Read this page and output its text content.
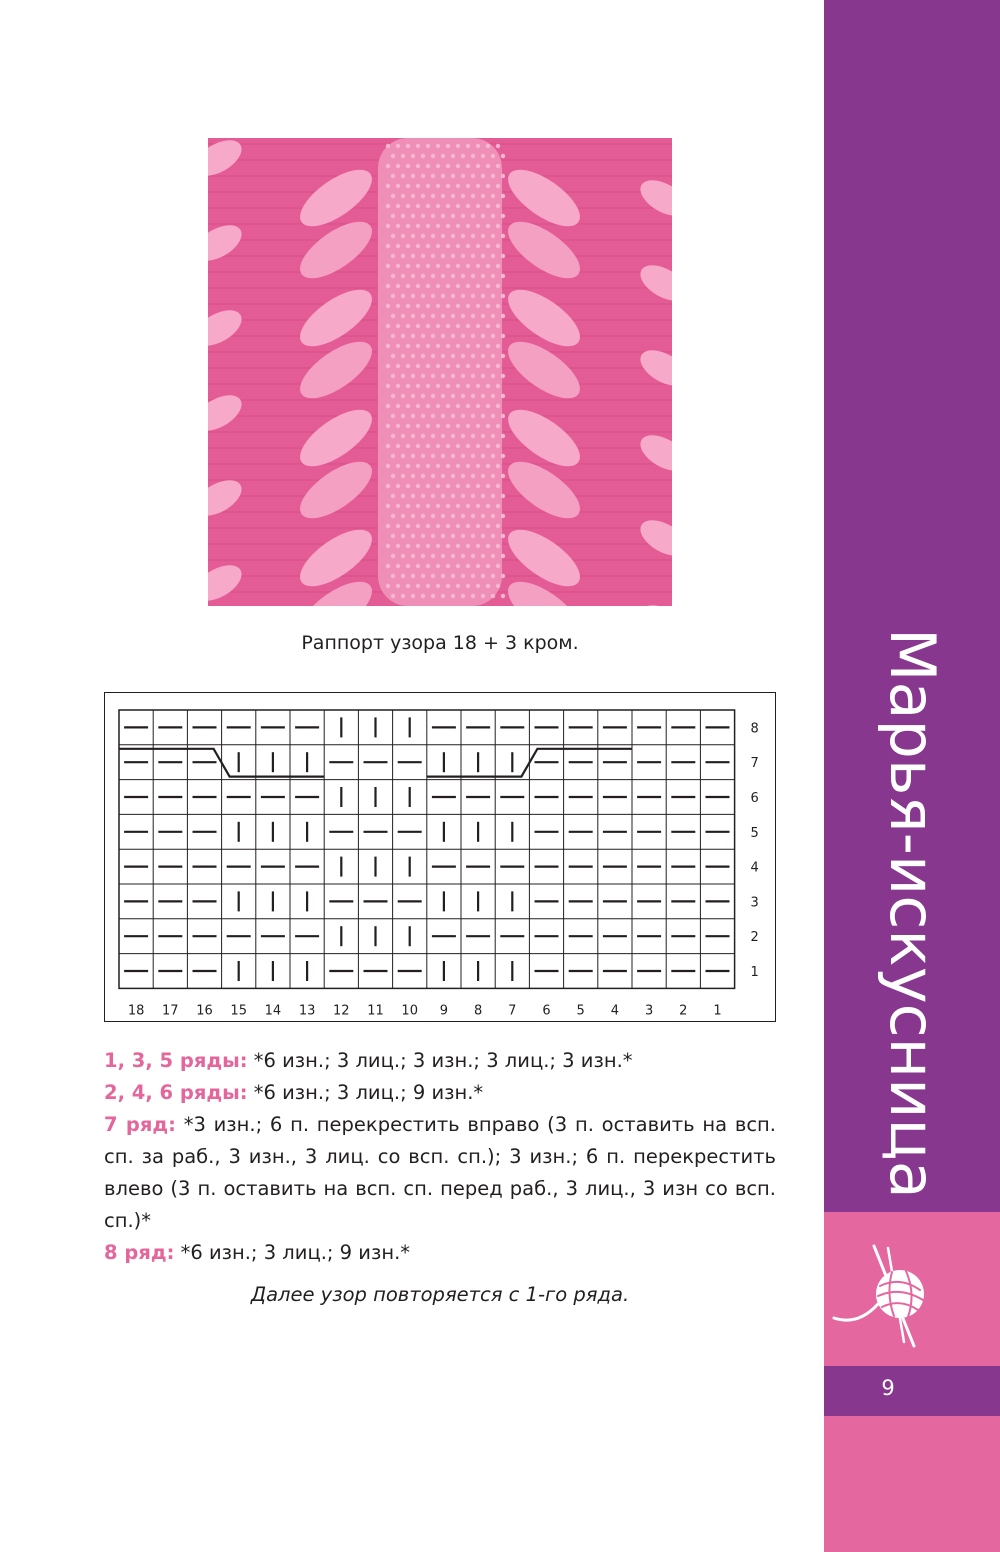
Раппорт узора 18 + 3 кром.
8
7
6
5
4
3
2
1
18 17 16 15 14 13 12 11 10 9 8 7 6 5 4 3 2 1

1, 3, 5 ряды: *6 изн.; 3 лиц.; 3 изн.; 3 лиц.; 3 изн.*

2, 4, 6 ряды: *6 изн.; 3 лиц.; 9 изн.*

7 ряд: *3 изн.; 6 п. перекрестить вправо (3 п. оставить на всп. сп. за раб., 3 изн., 3 лиц. со всп. сп.); 3 изн.; 6 п. перекрестить влево (3 п. оставить на всп. сп. перед раб., 3 лиц., 3 изн со всп. сп.)*

8 ряд: *6 изн.; 3 лиц.; 9 изн.*

Далее узор повторяется с 1-го ряда.
9
Марья-искусница
